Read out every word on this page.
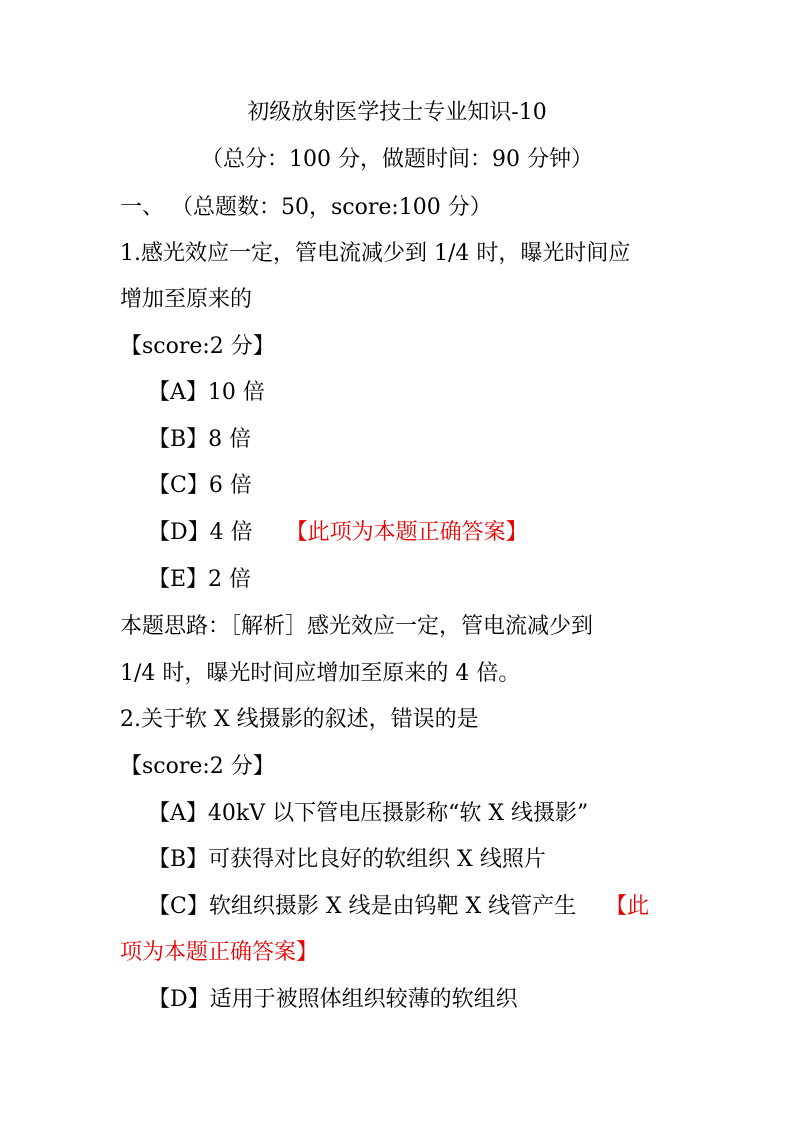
初级放射医学技士专业知识-10
（总分：100 分，做题时间：90 分钟）
一、 （总题数：50，score:100 分）
1.感光效应一定，管电流减少到 1/4 时，曝光时间应
增加至原来的
【score:2 分】
【A】10 倍
【B】8 倍
【C】6 倍
【D】4 倍 【此项为本题正确答案】
【E】2 倍
本题思路：［解析］感光效应一定，管电流减少到
1/4 时，曝光时间应增加至原来的 4 倍。
2.关于软 X 线摄影的叙述，错误的是
【score:2 分】
【A】40kV 以下管电压摄影称“软 X 线摄影”
【B】可获得对比良好的软组织 X 线照片
【C】软组织摄影 X 线是由钨靶 X 线管产生 【此
项为本题正确答案】
【D】适用于被照体组织较薄的软组织
